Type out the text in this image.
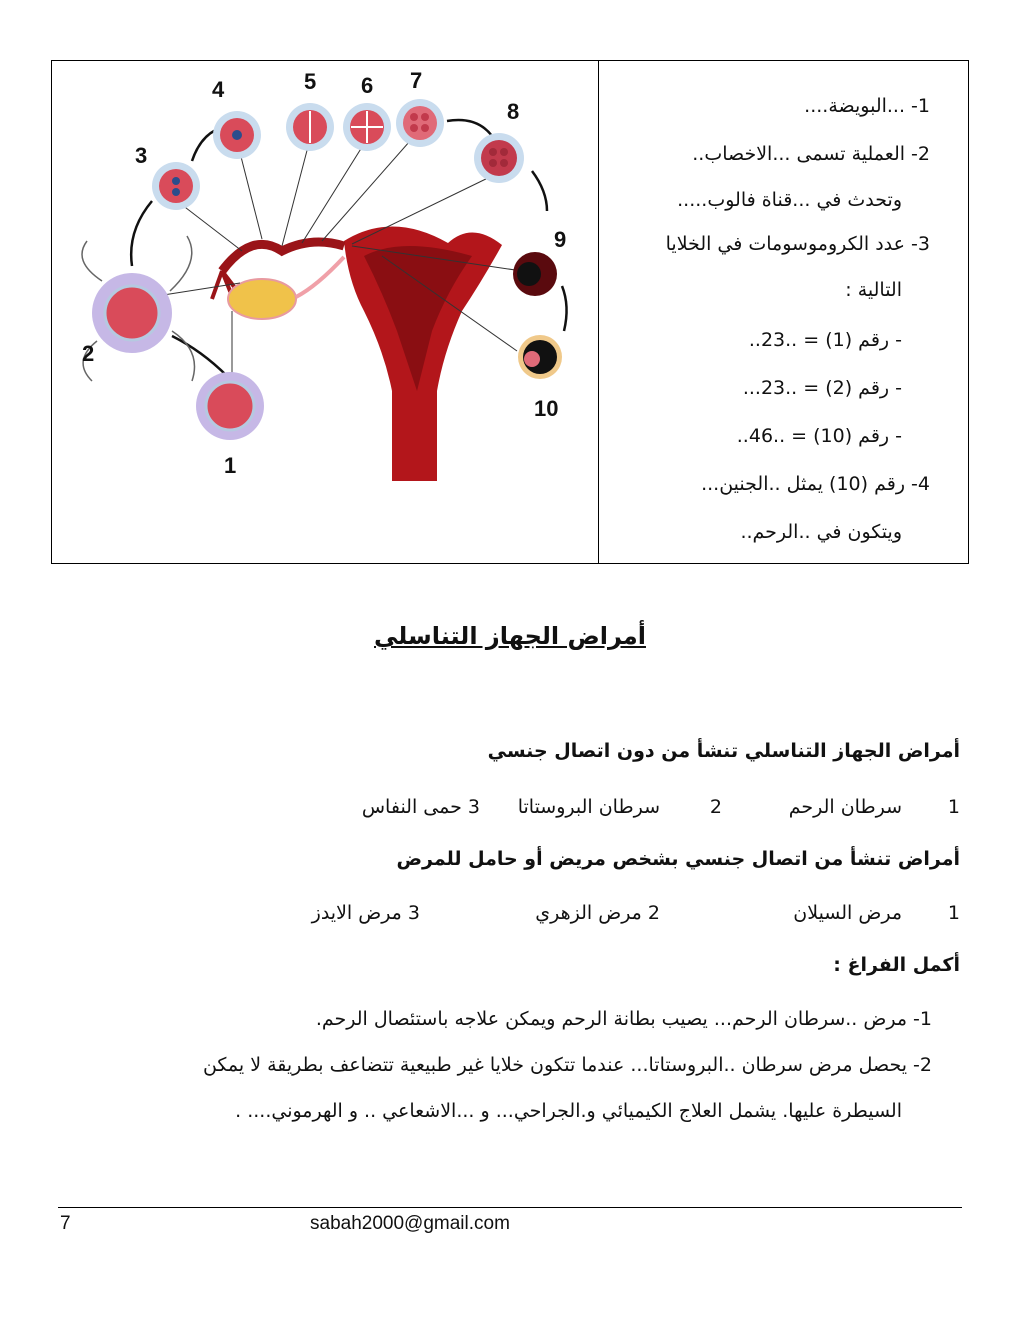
1
2
3
4	5 6 7
8
9
10
1- ...البويضة....
2- العملية تسمى ...الاخصاب..
وتحدث في ...قناة فالوب.....
3- عدد الكروموسومات في الخلايا
التالية :
- رقم (1) = ..23..
- رقم (2) = ..23...
- رقم (10) = ..46..
4- رقم (10) يمثل ..الجنين...
ويتكون في ..الرحم..
أمراض الجهاز التناسلي
أمراض الجهاز التناسلي تنشأ من دون اتصال جنسي
1
سرطان الرحم
2
سرطان البروستاتا
3 حمى النفاس
أمراض تنشأ من اتصال جنسي بشخص مريض أو حامل للمرض
1
مرض السيلان
2 مرض الزهري
3 مرض الايدز
أكمل الفراغ :
1- مرض ..سرطان الرحم... يصيب بطانة الرحم ويمكن علاجه باستئصال الرحم.
2- يحصل مرض سرطان ..البروستاتا... عندما تتكون خلايا غير طبيعية تتضاعف بطريقة لا يمكن
السيطرة عليها. يشمل العلاج الكيميائي و.الجراحي... و ...الاشعاعي .. و الهرموني.... .
7	sabah2000@gmail.com
